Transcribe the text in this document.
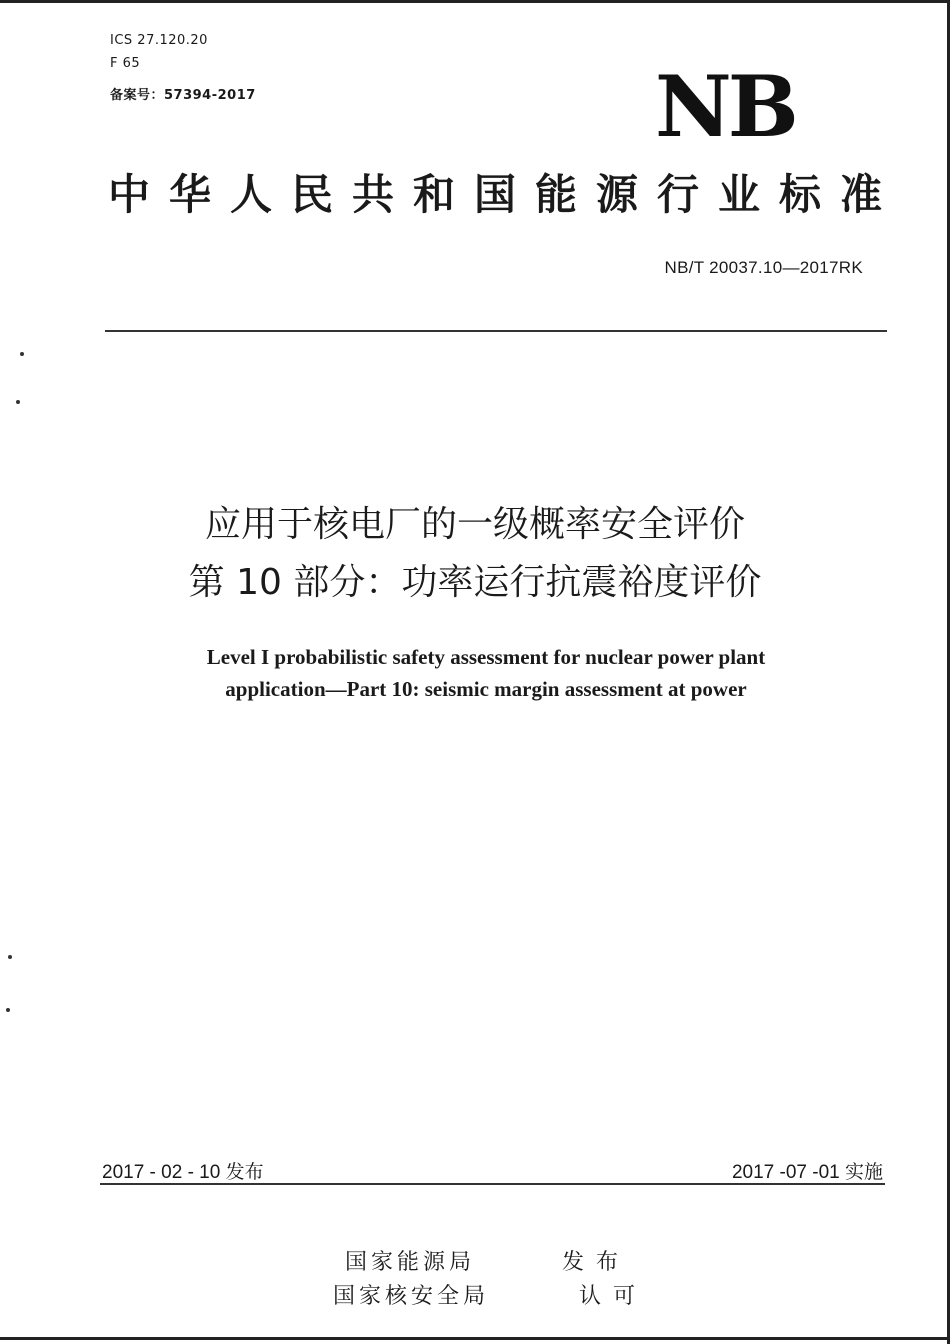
ICS 27.120.20
F 65
备案号：57394-2017	NB
中华人民共和国能源行业标准
NB/T 20037.10—2017RK
应用于核电厂的一级概率安全评价
第 10 部分：功率运行抗震裕度评价
Level I probabilistic safety assessment for nuclear power plant
application—Part 10: seismic margin assessment at power
2017 - 02 - 10 发布	2017 -07 -01 实施
国家能源局	发布
国家核安全局	认可
